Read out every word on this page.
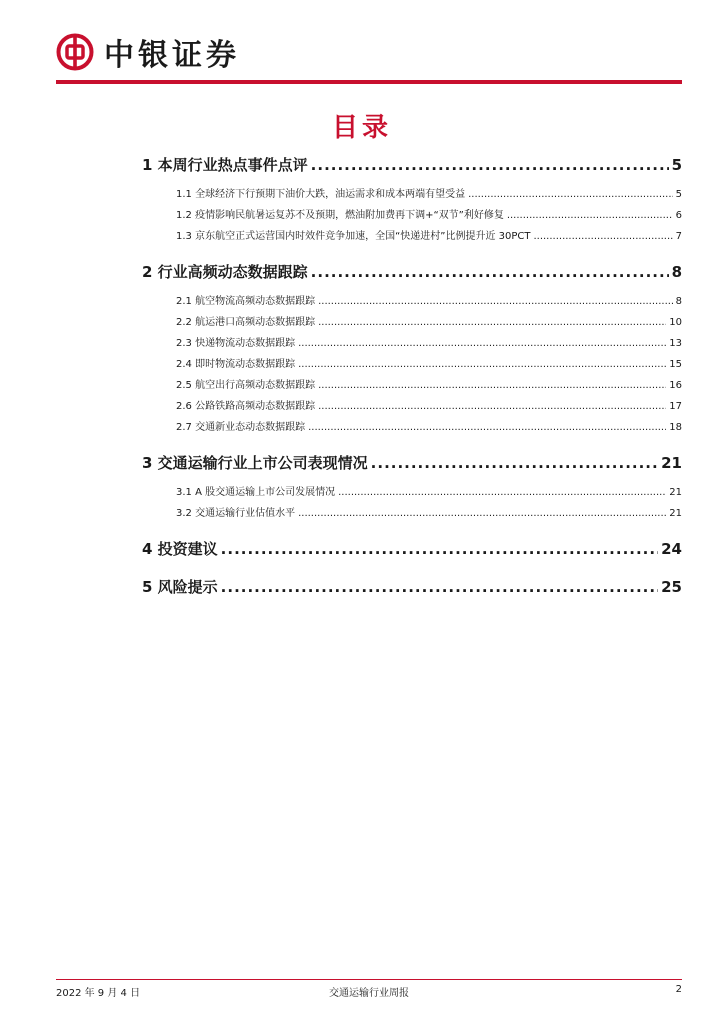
中银证券
目录
1 本周行业热点事件点评 .....	5
1.1 全球经济下行预期下油价大跌，油运需求和成本两端有望受益 .....	5
1.2 疫情影响民航暑运复苏不及预期，燃油附加费再下调+“双节”利好修复 .....	6
1.3 京东航空正式运营国内时效件竞争加速，全国“快递进村”比例提升近 30PCT .....	7
2 行业高频动态数据跟踪 .....	8
2.1 航空物流高频动态数据跟踪 .....	8
2.2 航运港口高频动态数据跟踪 .....	10
2.3 快递物流动态数据跟踪 .....	13
2.4 即时物流动态数据跟踪 .....	15
2.5 航空出行高频动态数据跟踪 .....	16
2.6 公路铁路高频动态数据跟踪 .....	17
2.7 交通新业态动态数据跟踪 .....	18
3 交通运输行业上市公司表现情况 .....	21
3.1 A 股交通运输上市公司发展情况 .....	21
3.2 交通运输行业估值水平 .....	21
4 投资建议 .....	24
5 风险提示 .....	25
2022 年 9 月 4 日	交通运输行业周报	2
